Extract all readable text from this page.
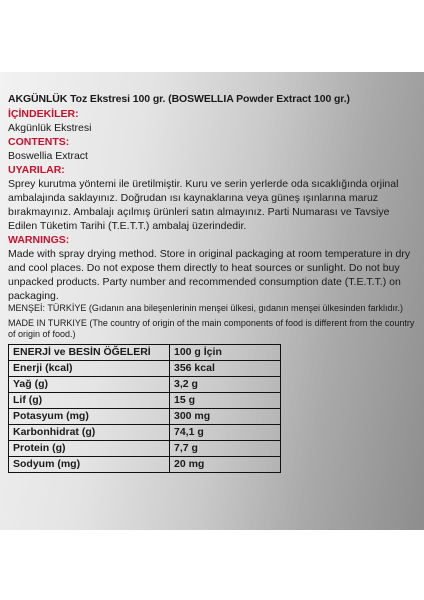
AKGÜNLÜK Toz Ekstresi 100 gr. (BOSWELLIA Powder Extract 100 gr.)

İÇİNDEKİLER:

Akgünlük Ekstresi

CONTENTS:

Boswellia Extract

UYARILAR:

Sprey kurutma yöntemi ile üretilmiştir. Kuru ve serin yerlerde oda sıcaklığında orjinal ambalajında saklayınız. Doğrudan ısı kaynaklarına veya güneş ışınlarına maruz bırakmayınız. Ambalajı açılmış ürünleri satın almayınız. Parti Numarası ve Tavsiye Edilen Tüketim Tarihi (T.E.T.T.) ambalaj üzerindedir.

WARNINGS:

Made with spray drying method. Store in original packaging at room temperature in dry and cool places. Do not expose them directly to heat sources or sunlight. Do not buy unpacked products. Party number and recommended consumption date (T.E.T.T.) on packaging.

MENŞEİ: TÜRKİYE (Gıdanın ana bileşenlerinin menşei ülkesi, gıdanın menşei ülkesinden farklıdır.)

MADE IN TURKIYE (The country of origin of the main components of food is different from the country of origin of food.)

ENERJİ ve BESİN ÖĞELERİ	100 g İçin
Enerji (kcal)	356 kcal
Yağ (g)	3,2 g
Lif (g)	15 g
Potasyum (mg)	300 mg
Karbonhidrat (g)	74,1 g
Protein (g)	7,7 g
Sodyum (mg)	20 mg
